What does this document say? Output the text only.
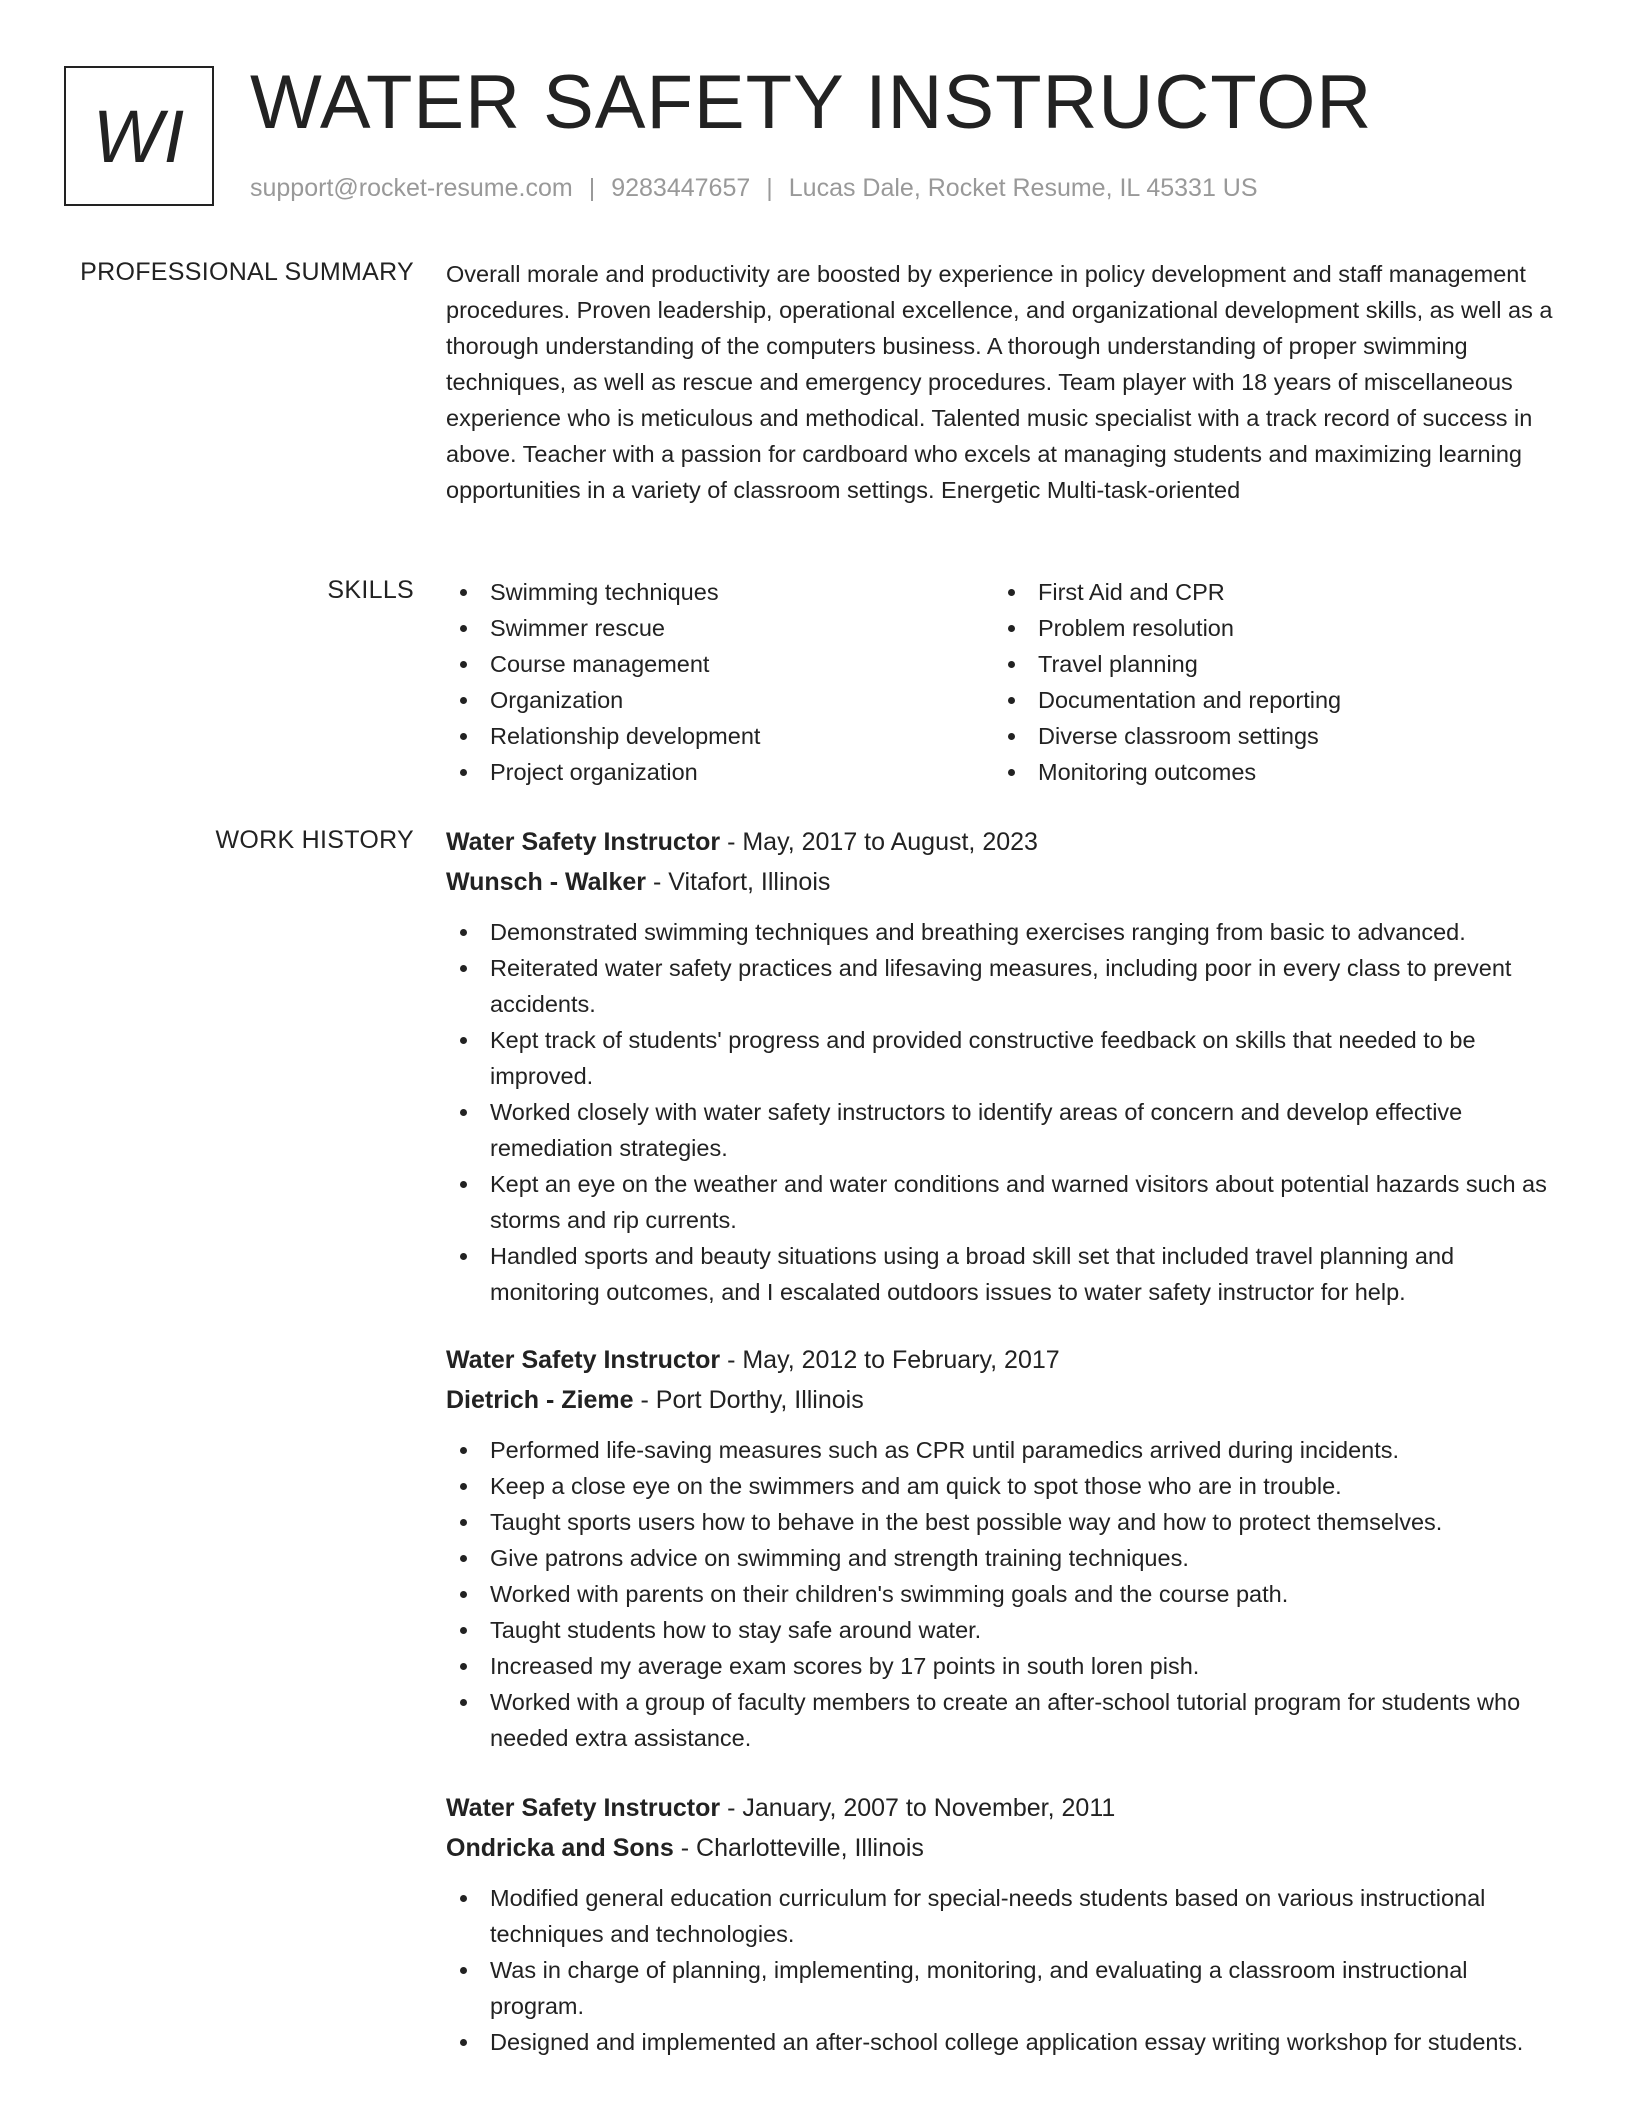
WI WATER SAFETY INSTRUCTOR
support@rocket-resume.com | 9283447657 | Lucas Dale, Rocket Resume, IL 45331 US
PROFESSIONAL SUMMARY Overall morale and productivity are boosted by experience in policy development and staff management procedures. Proven leadership, operational excellence, and organizational development skills, as well as a thorough understanding of the computers business. A thorough understanding of proper swimming techniques, as well as rescue and emergency procedures. Team player with 18 years of miscellaneous experience who is meticulous and methodical. Talented music specialist with a track record of success in above. Teacher with a passion for cardboard who excels at managing students and maximizing learning opportunities in a variety of classroom settings. Energetic Multi-task-oriented

SKILLS	Swimming techniques
Swimmer rescue
Course management
Organization
Relationship development
Project organization
First Aid and CPR
Problem resolution
Travel planning
Documentation and reporting
Diverse classroom settings
Monitoring outcomes
WORK HISTORY Water Safety Instructor - May, 2017 to August, 2023
Wunsch - Walker - Vitafort, Illinois
Demonstrated swimming techniques and breathing exercises ranging from basic to advanced.
Reiterated water safety practices and lifesaving measures, including poor in every class to prevent accidents.
Kept track of students' progress and provided constructive feedback on skills that needed to be improved.
Worked closely with water safety instructors to identify areas of concern and develop effective remediation strategies.
Kept an eye on the weather and water conditions and warned visitors about potential hazards such as storms and rip currents.
Handled sports and beauty situations using a broad skill set that included travel planning and monitoring outcomes, and I escalated outdoors issues to water safety instructor for help.
Water Safety Instructor - May, 2012 to February, 2017
Dietrich - Zieme - Port Dorthy, Illinois
Performed life-saving measures such as CPR until paramedics arrived during incidents.
Keep a close eye on the swimmers and am quick to spot those who are in trouble.
Taught sports users how to behave in the best possible way and how to protect themselves.
Give patrons advice on swimming and strength training techniques.
Worked with parents on their children's swimming goals and the course path.
Taught students how to stay safe around water.
Increased my average exam scores by 17 points in south loren pish.
Worked with a group of faculty members to create an after-school tutorial program for students who needed extra assistance.
Water Safety Instructor - January, 2007 to November, 2011
Ondricka and Sons - Charlotteville, Illinois
Modified general education curriculum for special-needs students based on various instructional techniques and technologies.
Was in charge of planning, implementing, monitoring, and evaluating a classroom instructional program.
Designed and implemented an after-school college application essay writing workshop for students.
